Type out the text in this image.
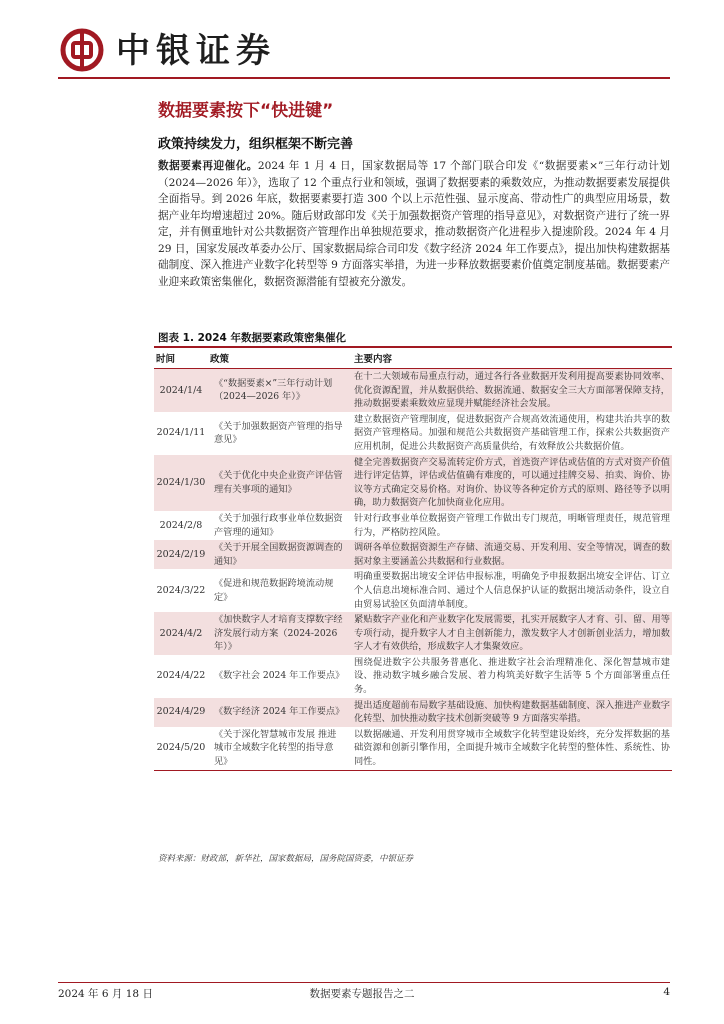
中银证券
数据要素按下“快进键”
政策持续发力，组织框架不断完善
数据要素再迎催化。2024 年 1 月 4 日，国家数据局等 17 个部门联合印发《“数据要素×”三年行动计划（2024—2026 年）》，选取了 12 个重点行业和领域，强调了数据要素的乘数效应，为推动数据要素发展提供全面指导。到 2026 年底，数据要素要打造 300 个以上示范性强、显示度高、带动性广的典型应用场景，数据产业年均增速超过 20%。随后财政部印发《关于加强数据资产管理的指导意见》，对数据资产进行了统一界定，并有侧重地针对公共数据资产管理作出单独规范要求，推动数据资产化进程步入提速阶段。2024 年 4 月 29 日，国家发展改革委办公厅、国家数据局综合司印发《数字经济 2024 年工作要点》，提出加快构建数据基础制度、深入推进产业数字化转型等 9 方面落实举措，为进一步释放数据要素价值奠定制度基础。数据要素产业迎来政策密集催化，数据资源潜能有望被充分激发。
图表 1. 2024 年数据要素政策密集催化
时间	政策	主要内容
2024/1/4	《“数据要素×”三年行动计划（2024—2026 年）》	在十二大领域布局重点行动，通过各行各业数据开发利用提高要素协同效率、优化资源配置，并从数据供给、数据流通、数据安全三大方面部署保障支持，推动数据要素乘数效应显现并赋能经济社会发展。
2024/1/11	《关于加强数据资产管理的指导意见》	建立数据资产管理制度，促进数据资产合规高效流通使用，构建共治共享的数据资产管理格局。加强和规范公共数据资产基础管理工作，探索公共数据资产应用机制，促进公共数据资产高质量供给，有效释放公共数据价值。
2024/1/30	《关于优化中央企业资产评估管理有关事项的通知》	健全完善数据资产交易流转定价方式，首选资产评估或估值的方式对资产价值进行评定估算，评估或估值确有难度的，可以通过挂牌交易、拍卖、询价、协议等方式确定交易价格。对询价、协议等各种定价方式的原则、路径等予以明确，助力数据资产化加快商业化应用。
2024/2/8	《关于加强行政事业单位数据资产管理的通知》	针对行政事业单位数据资产管理工作做出专门规范，明晰管理责任，规范管理行为，严格防控风险。
2024/2/19	《关于开展全国数据资源调查的通知》	调研各单位数据资源生产存储、流通交易、开发利用、安全等情况，调查的数据对象主要涵盖公共数据和行业数据。
2024/3/22	《促进和规范数据跨境流动规定》	明确重要数据出境安全评估申报标准，明确免予申报数据出境安全评估、订立个人信息出境标准合同、通过个人信息保护认证的数据出境活动条件，设立自由贸易试验区负面清单制度。
2024/4/2	《加快数字人才培育支撑数字经济发展行动方案（2024-2026 年）》	紧贴数字产业化和产业数字化发展需要，扎实开展数字人才育、引、留、用等专项行动，提升数字人才自主创新能力，激发数字人才创新创业活力，增加数字人才有效供给，形成数字人才集聚效应。
2024/4/22	《数字社会 2024 年工作要点》	围绕促进数字公共服务普惠化、推进数字社会治理精准化、深化智慧城市建设、推动数字城乡融合发展、着力构筑美好数字生活等 5 个方面部署重点任务。
2024/4/29	《数字经济 2024 年工作要点》	提出适度超前布局数字基础设施、加快构建数据基础制度、深入推进产业数字化转型、加快推动数字技术创新突破等 9 方面落实举措。
2024/5/20	《关于深化智慧城市发展 推进城市全域数字化转型的指导意见》	以数据融通、开发利用贯穿城市全域数字化转型建设始终，充分发挥数据的基础资源和创新引擎作用，全面提升城市全域数字化转型的整体性、系统性、协同性。
资料来源：财政部，新华社，国家数据局，国务院国资委，中银证券
2024 年 6 月 18 日	数据要素专题报告之二	4
